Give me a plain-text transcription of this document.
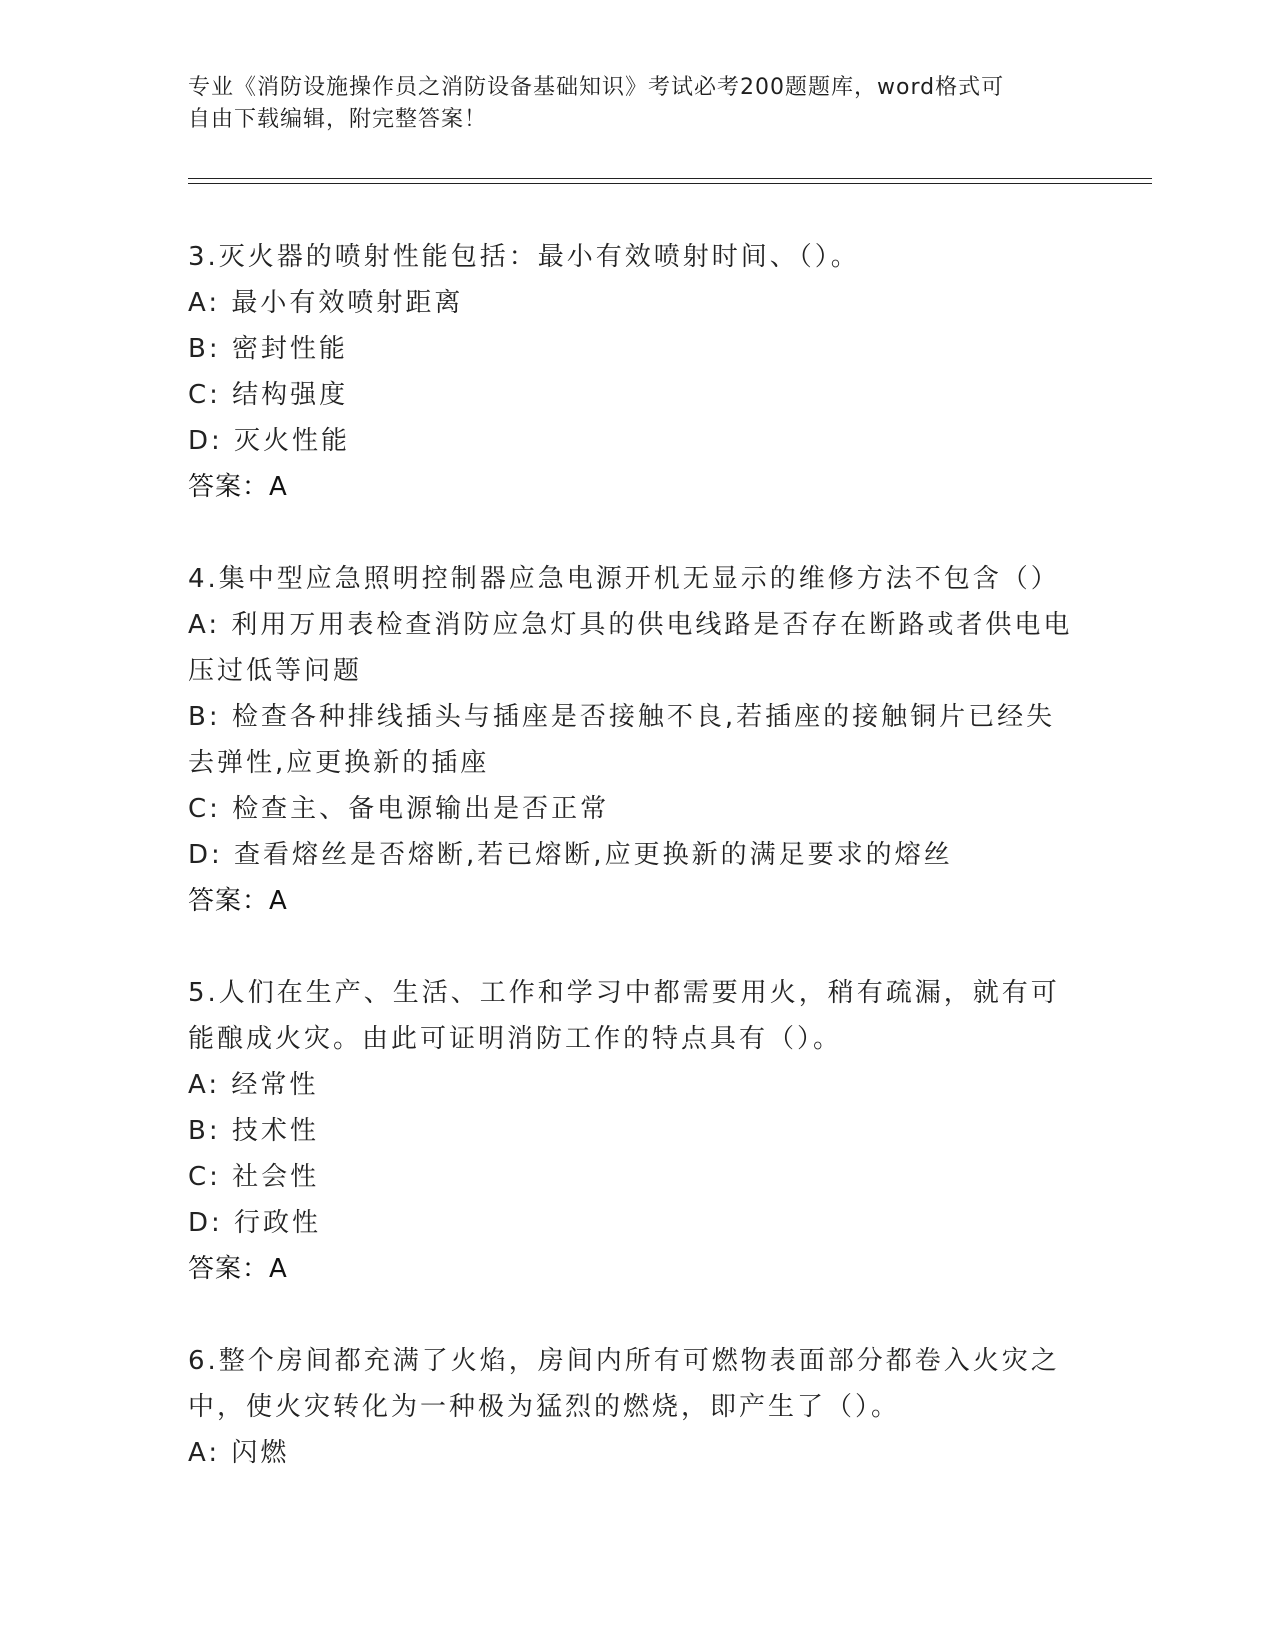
专业《消防设施操作员之消防设备基础知识》考试必考200题题库，word格式可
自由下载编辑，附完整答案！
3.灭火器的喷射性能包括：最小有效喷射时间、（）。
A: 最小有效喷射距离
B: 密封性能
C: 结构强度
D: 灭火性能
答案：A
4.集中型应急照明控制器应急电源开机无显示的维修方法不包含（）
A: 利用万用表检查消防应急灯具的供电线路是否存在断路或者供电电
压过低等问题
B: 检查各种排线插头与插座是否接触不良,若插座的接触铜片已经失
去弹性,应更换新的插座
C: 检查主、备电源输出是否正常
D: 查看熔丝是否熔断,若已熔断,应更换新的满足要求的熔丝
答案：A
5.人们在生产、生活、工作和学习中都需要用火，稍有疏漏，就有可
能酿成火灾。由此可证明消防工作的特点具有（）。
A: 经常性
B: 技术性
C: 社会性
D: 行政性
答案：A
6.整个房间都充满了火焰，房间内所有可燃物表面部分都卷入火灾之
中，使火灾转化为一种极为猛烈的燃烧，即产生了（）。
A: 闪燃
